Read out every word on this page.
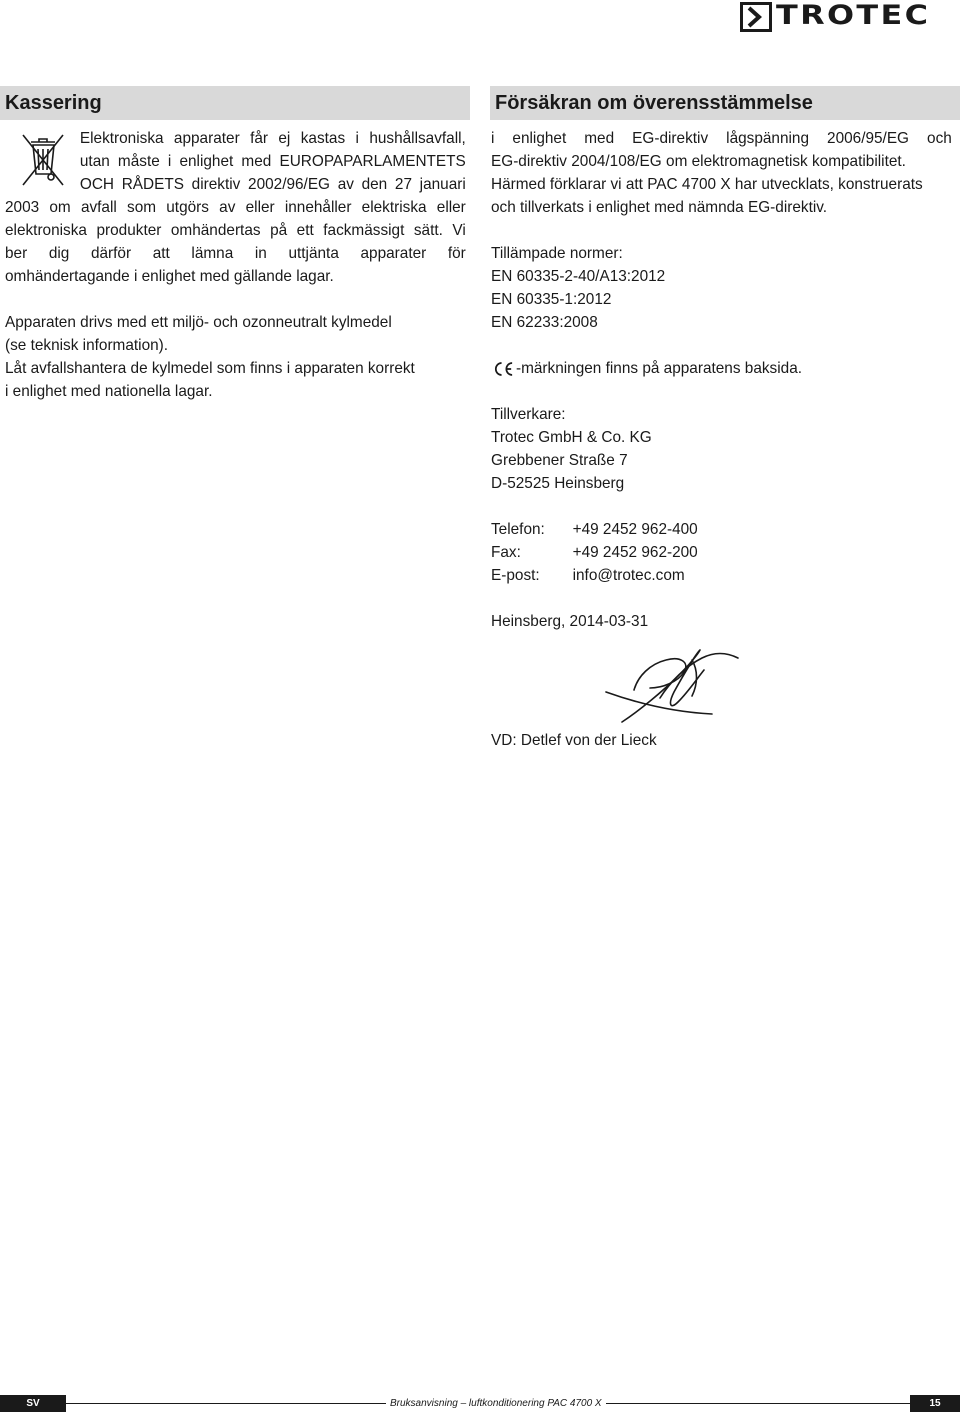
TROTEC
Kassering	Försäkran om överensstämmelse
Elektroniska apparater får ej kastas i hushållsavfall,
utan måste i enlighet med EUROPAPARLAMENTETS
OCH RÅDETS direktiv 2002/96/EG av den 27 januari
2003 om avfall som utgörs av eller innehåller elektriska eller
elektroniska produkter omhändertas på ett fackmässigt sätt. Vi
ber dig därför att lämna in uttjänta apparater för
omhändertagande i enlighet med gällande lagar.
Apparaten drivs med ett miljö- och ozonneutralt kylmedel
(se teknisk information).
Låt avfallshantera de kylmedel som finns i apparaten korrekt
i enlighet med nationella lagar.
i enlighet med EG-direktiv lågspänning 2006/95/EG och
EG-direktiv 2004/108/EG om elektromagnetisk kompatibilitet.
Härmed förklarar vi att PAC 4700 X har utvecklats, konstruerats
och tillverkats i enlighet med nämnda EG-direktiv.
Tillämpade normer:
EN 60335-2-40/A13:2012
EN 60335-1:2012
EN 62233:2008
-märkningen finns på apparatens baksida.
Tillverkare:
Trotec GmbH & Co. KG
Grebbener Straße 7
D-52525 Heinsberg
Telefon:	+49 2452 962-400
Fax:	+49 2452 962-200
E-post:	info@trotec.com
Heinsberg, 2014-03-31
VD: Detlef von der Lieck
SV	Bruksanvisning – luftkonditionering PAC 4700 X	15
